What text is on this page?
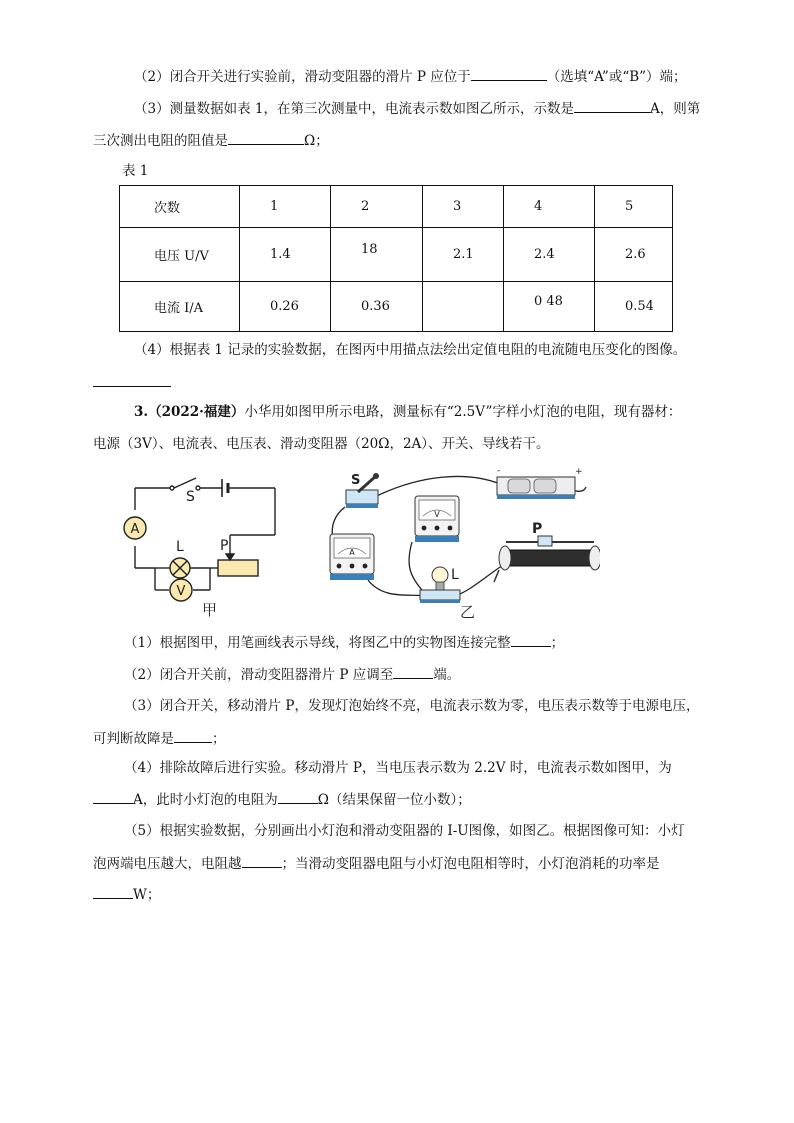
（2）闭合开关进行实验前，滑动变阻器的滑片 P 应位于	（选填“A”或“B”）端；
（3）测量数据如表 1，在第三次测量中，电流表示数如图乙所示，示数是	A，则第
三次测出电阻的阻值是	Ω；
表 1
次数	1	2	3	4	5
电压 U/V	1.4	18	2.1	2.4	2.6
电流 I/A	0.26	0.36		0 48	0.54
（4）根据表 1 记录的实验数据，在图丙中用描点法绘出定值电阻的电流随电压变化的图像。
3.（2022·福建）小华用如图甲所示电路，测量标有“2.5V”字样小灯泡的电阻，现有器材：
电源（3V）、电流表、电压表、滑动变阻器（20Ω，2A）、开关、导线若干。
A
V
S
L	P
甲
S
-	+
V
A
L
P
乙
（1）根据图甲，用笔画线表示导线，将图乙中的实物图连接完整	；
（2）闭合开关前，滑动变阻器滑片 P 应调至	端。
（3）闭合开关，移动滑片 P，发现灯泡始终不亮，电流表示数为零，电压表示数等于电源电压，
可判断故障是	；
（4）排除故障后进行实验。移动滑片 P，当电压表示数为 2.2V 时，电流表示数如图甲，为
A，此时小灯泡的电阻为	Ω（结果保留一位小数）；
（5）根据实验数据，分别画出小灯泡和滑动变阻器的 I-U图像，如图乙。根据图像可知：小灯
泡两端电压越大，电阻越	；当滑动变阻器电阻与小灯泡电阻相等时，小灯泡消耗的功率是
W；
